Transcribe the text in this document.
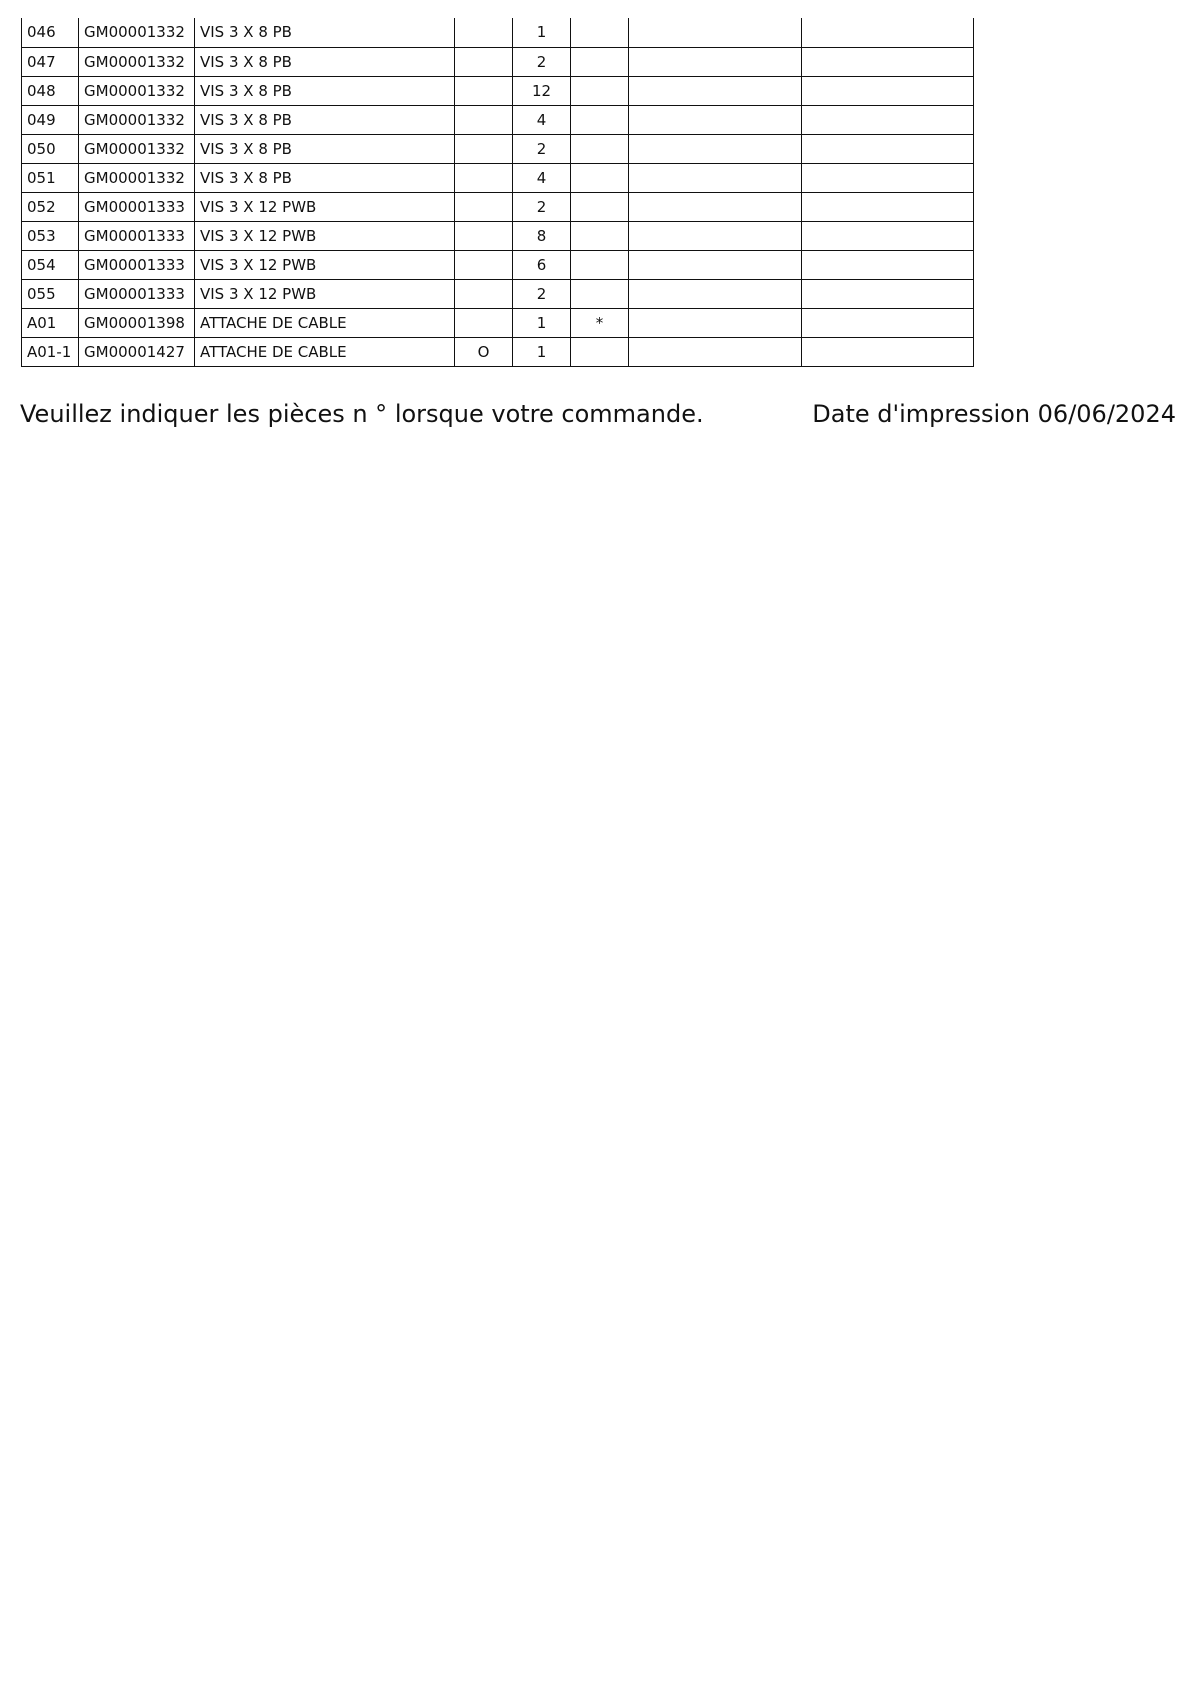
046	GM00001332	VIS 3 X 8 PB		1			
047	GM00001332	VIS 3 X 8 PB		2			
048	GM00001332	VIS 3 X 8 PB		12			
049	GM00001332	VIS 3 X 8 PB		4			
050	GM00001332	VIS 3 X 8 PB		2			
051	GM00001332	VIS 3 X 8 PB		4			
052	GM00001333	VIS 3 X 12 PWB		2			
053	GM00001333	VIS 3 X 12 PWB		8			
054	GM00001333	VIS 3 X 12 PWB		6			
055	GM00001333	VIS 3 X 12 PWB		2			
A01	GM00001398	ATTACHE DE CABLE		1	*		
A01-1	GM00001427	ATTACHE DE CABLE	O	1			
Veuillez indiquer les pièces n ° lorsque votre commande.	Date d'impression 06/06/2024
